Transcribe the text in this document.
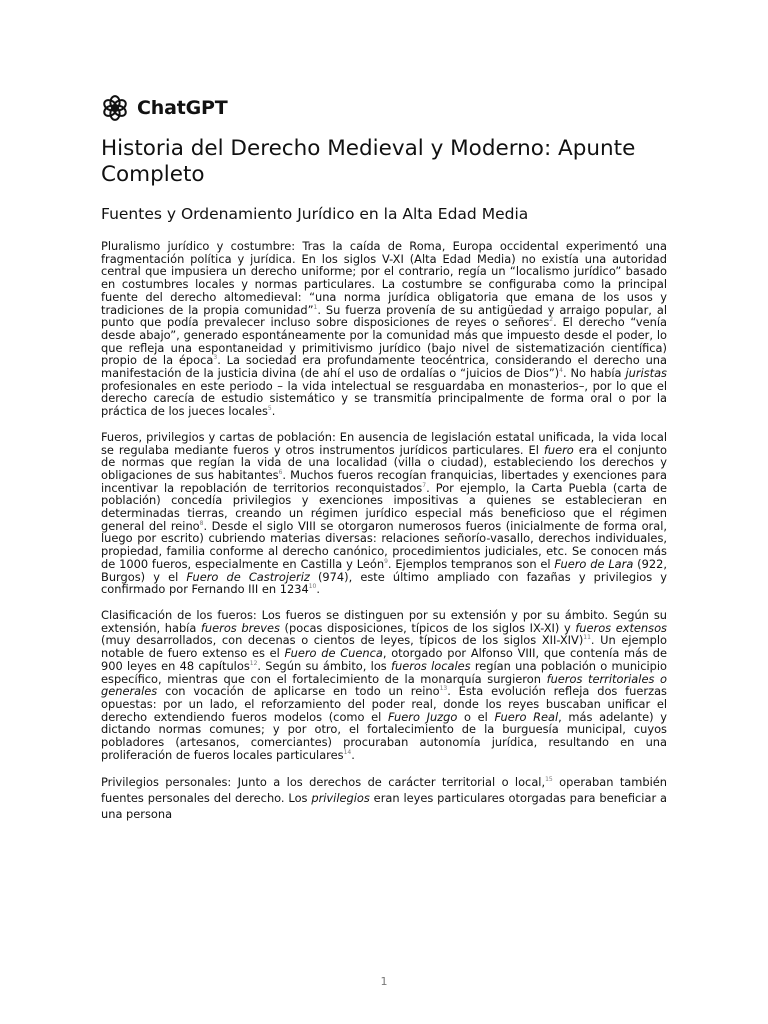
ChatGPT
Historia del Derecho Medieval y Moderno: Apunte Completo
Fuentes y Ordenamiento Jurídico en la Alta Edad Media

Pluralismo jurídico y costumbre: Tras la caída de Roma, Europa occidental experimentó una fragmentación política y jurídica. En los siglos V-XI (Alta Edad Media) no existía una autoridad central que impusiera un derecho uniforme; por el contrario, regía un “localismo jurídico” basado en costumbres locales y normas particulares. La costumbre se configuraba como la principal fuente del derecho altomedieval: “una norma jurídica obligatoria que emana de los usos y tradiciones de la propia comunidad”$^1$. Su fuerza provenía de su antigüedad y arraigo popular, al punto que podía prevalecer incluso sobre disposiciones de reyes o señores$^2$. El derecho “venía desde abajo”, generado espontáneamente por la comunidad más que impuesto desde el poder, lo que refleja una espontaneidad y primitivismo jurídico (bajo nivel de sistematización científica) propio de la época$^3$. La sociedad era profundamente teocéntrica, considerando el derecho una manifestación de la justicia divina (de ahí el uso de ordalías o “juicios de Dios”)$^4$. No había juristas profesionales en este periodo – la vida intelectual se resguardaba en monasterios–, por lo que el derecho carecía de estudio sistemático y se transmitía principalmente de forma oral o por la práctica de los jueces locales$^5$.

Fueros, privilegios y cartas de población: En ausencia de legislación estatal unificada, la vida local se regulaba mediante fueros y otros instrumentos jurídicos particulares. El fuero era el conjunto de normas que regían la vida de una localidad (villa o ciudad), estableciendo los derechos y obligaciones de sus habitantes$^6$. Muchos fueros recogían franquicias, libertades y exenciones para incentivar la repoblación de territorios reconquistados$^7$. Por ejemplo, la Carta Puebla (carta de población) concedía privilegios y exenciones impositivas a quienes se establecieran en determinadas tierras, creando un régimen jurídico especial más beneficioso que el régimen general del reino$^8$. Desde el siglo VIII se otorgaron numerosos fueros (inicialmente de forma oral, luego por escrito) cubriendo materias diversas: relaciones señorío-vasallo, derechos individuales, propiedad, familia conforme al derecho canónico, procedimientos judiciales, etc. Se conocen más de 1000 fueros, especialmente en Castilla y León$^9$. Ejemplos tempranos son el Fuero de Lara (922, Burgos) y el Fuero de Castrojeriz (974), este último ampliado con fazañas y privilegios y confirmado por Fernando III en 1234$^{10}$.

Clasificación de los fueros: Los fueros se distinguen por su extensión y por su ámbito. Según su extensión, había fueros breves (pocas disposiciones, típicos de los siglos IX-XI) y fueros extensos (muy desarrollados, con decenas o cientos de leyes, típicos de los siglos XII-XIV)$^{11}$. Un ejemplo notable de fuero extenso es el Fuero de Cuenca, otorgado por Alfonso VIII, que contenía más de 900 leyes en 48 capítulos$^{12}$. Según su ámbito, los fueros locales regían una población o municipio específico, mientras que con el fortalecimiento de la monarquía surgieron fueros territoriales o generales con vocación de aplicarse en todo un reino$^{13}$. Esta evolución refleja dos fuerzas opuestas: por un lado, el reforzamiento del poder real, donde los reyes buscaban unificar el derecho extendiendo fueros modelos (como el Fuero Juzgo o el Fuero Real, más adelante) y dictando normas comunes; y por otro, el fortalecimiento de la burguesía municipal, cuyos pobladores (artesanos, comerciantes) procuraban autonomía jurídica, resultando en una proliferación de fueros locales particulares$^{14}$.

Privilegios personales: Junto a los derechos de carácter territorial o local,$^{15}$ operaban también fuentes personales del derecho. Los privilegios eran leyes particulares otorgadas para beneficiar a una persona

1
